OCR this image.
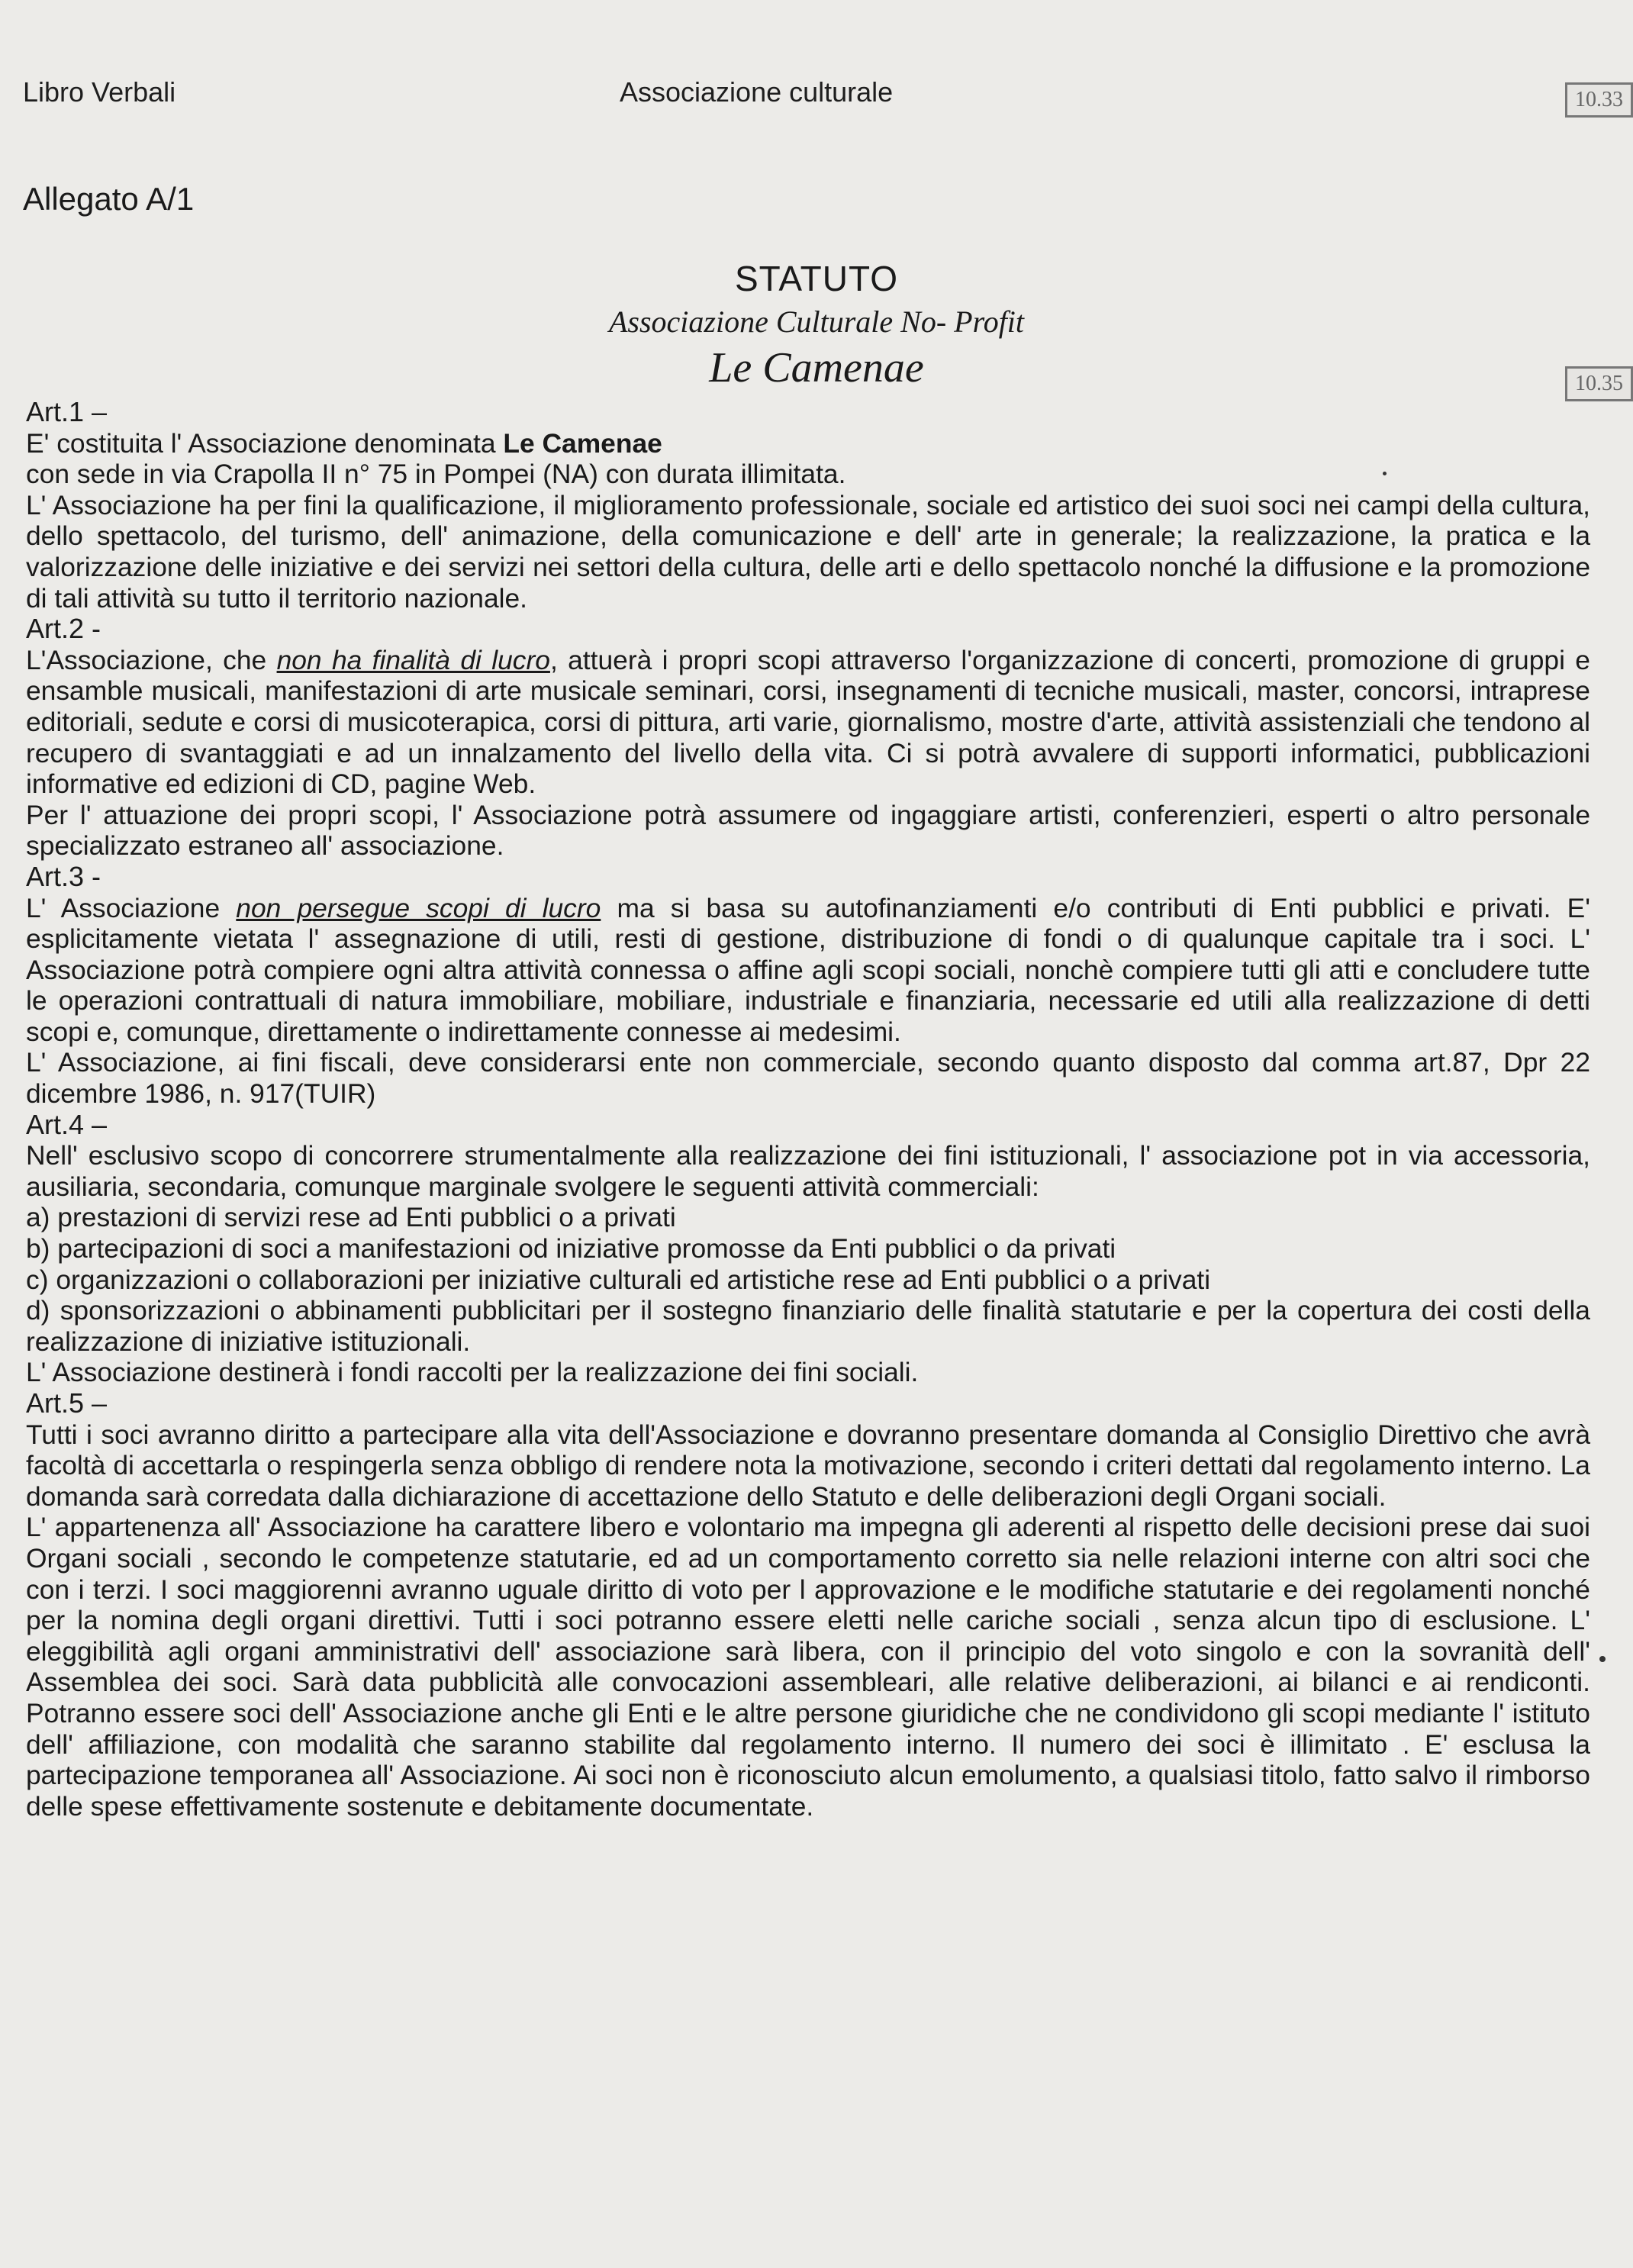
Libro Verbali	Associazione culturale	10.33
10.35
Allegato A/1
STATUTO
Associazione Culturale No- Profit
Le Camenae

Art.1 –

E' costituita l' Associazione denominata Le Camenae

con sede in via Crapolla II n° 75 in Pompei (NA) con durata illimitata.

L' Associazione ha per fini la qualificazione, il miglioramento professionale, sociale ed artistico dei suoi soci nei campi della cultura, dello spettacolo, del turismo, dell' animazione, della comunicazione e dell' arte in generale; la realizzazione, la pratica e la valorizzazione delle iniziative e dei servizi nei settori della cultura, delle arti e dello spettacolo nonché la diffusione e la promozione di tali attività su tutto il territorio nazionale.

Art.2 -

L'Associazione, che non ha finalità di lucro, attuerà i propri scopi attraverso l'organizzazione di concerti, promozione di gruppi e ensamble musicali, manifestazioni di arte musicale seminari, corsi, insegnamenti di tecniche musicali, master, concorsi, intraprese editoriali, sedute e corsi di musicoterapica, corsi di pittura, arti varie, giornalismo, mostre d'arte, attività assistenziali che tendono al recupero di svantaggiati e ad un innalzamento del livello della vita. Ci si potrà avvalere di supporti informatici, pubblicazioni informative ed edizioni di CD, pagine Web.

Per l' attuazione dei propri scopi, l' Associazione potrà assumere od ingaggiare artisti, conferenzieri, esperti o altro personale specializzato estraneo all' associazione.

Art.3 -

L' Associazione non persegue scopi di lucro ma si basa su autofinanziamenti e/o contributi di Enti pubblici e privati. E' esplicitamente vietata l' assegnazione di utili, resti di gestione, distribuzione di fondi o di qualunque capitale tra i soci. L' Associazione potrà compiere ogni altra attività connessa o affine agli scopi sociali, nonchè compiere tutti gli atti e concludere tutte le operazioni contrattuali di natura immobiliare, mobiliare, industriale e finanziaria, necessarie ed utili alla realizzazione di detti scopi e, comunque, direttamente o indirettamente connesse ai medesimi.

L' Associazione, ai fini fiscali, deve considerarsi ente non commerciale, secondo quanto disposto dal comma art.87, Dpr 22 dicembre 1986, n. 917(TUIR)

Art.4 –

Nell' esclusivo scopo di concorrere strumentalmente alla realizzazione dei fini istituzionali, l' associazione pot in via accessoria, ausiliaria, secondaria, comunque marginale svolgere le seguenti attività commerciali:

a) prestazioni di servizi rese ad Enti pubblici o a privati

b) partecipazioni di soci a manifestazioni od iniziative promosse da Enti pubblici o da privati

c) organizzazioni o collaborazioni per iniziative culturali ed artistiche rese ad Enti pubblici o a privati

d) sponsorizzazioni o abbinamenti pubblicitari per il sostegno finanziario delle finalità statutarie e per la copertura dei costi della realizzazione di iniziative istituzionali.

L' Associazione destinerà i fondi raccolti per la realizzazione dei fini sociali.

Art.5 –

Tutti i soci avranno diritto a partecipare alla vita dell'Associazione e dovranno presentare domanda al Consiglio Direttivo che avrà facoltà di accettarla o respingerla senza obbligo di rendere nota la motivazione, secondo i criteri dettati dal regolamento interno. La domanda sarà corredata dalla dichiarazione di accettazione dello Statuto e delle deliberazioni degli Organi sociali.

L' appartenenza all' Associazione ha carattere libero e volontario ma impegna gli aderenti al rispetto delle decisioni prese dai suoi Organi sociali , secondo le competenze statutarie, ed ad un comportamento corretto sia nelle relazioni interne con altri soci che con i terzi. I soci maggiorenni avranno uguale diritto di voto per l approvazione e le modifiche statutarie e dei regolamenti nonché per la nomina degli organi direttivi. Tutti i soci potranno essere eletti nelle cariche sociali , senza alcun tipo di esclusione. L' eleggibilità agli organi amministrativi dell' associazione sarà libera, con il principio del voto singolo e con la sovranità dell' Assemblea dei soci. Sarà data pubblicità alle convocazioni assembleari, alle relative deliberazioni, ai bilanci e ai rendiconti. Potranno essere soci dell' Associazione anche gli Enti e le altre persone giuridiche che ne condividono gli scopi mediante l' istituto dell' affiliazione, con modalità che saranno stabilite dal regolamento interno. Il numero dei soci è illimitato . E' esclusa la partecipazione temporanea all' Associazione. Ai soci non è riconosciuto alcun emolumento, a qualsiasi titolo, fatto salvo il rimborso delle spese effettivamente sostenute e debitamente documentate.
